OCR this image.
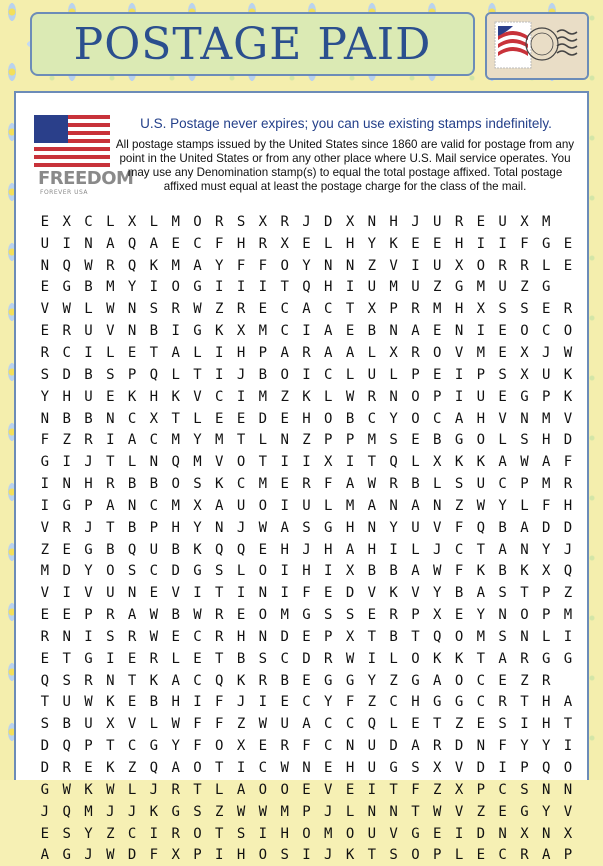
POSTAGE PAID
FREEDOM
FOREVER USA
U.S. Postage never expires; you can use existing stamps indefinitely.
All postage stamps issued by the United States since 1860 are valid for postage from any point in the United States or from any other place where U.S. Mail service operates. You may use any Denomination stamp(s) to equal the total postage affixed. Total postage affixed must equal at least the postage charge for the class of the mail.
E X C L X L M O R S X R J D X N H J U R E U X M
U I N A Q A E C F H R X E L H Y K E E H I I F G E
N Q W R Q K M A Y F F O Y N N Z V I U X O R R L E
E G B M Y I O G I I I T Q H I U M U Z G M U Z G
V W L W N S R W Z R E C A C T X P R M H X S S E R
E R U V N B I G K X M C I A E B N A E N I E O C O
R C I L E T A L I H P A R A A L X R O V M E X J W
S D B S P Q L T I J B O I C L U L P E I P S X U K
Y H U E K H K V C I M Z K L W R N O P I U E G P K
N B B N C X T L E E D E H O B C Y O C A H V N M V
F Z R I A C M Y M T L N Z P P M S E B G O L S H D
G I J T L N Q M V O T I I X I T Q L X K K A W A F
I N H R B B O S K C M E R F A W R B L S U C P M R
I G P A N C M X A U O I U L M A N A N Z W Y L F H
V R J T B P H Y N J W A S G H N Y U V F Q B A D D
Z E G B Q U B K Q Q E H J H A H I L J C T A N Y J
M D Y O S C D G S L O I H I X B B A W F K B K X Q
V I V U N E V I T I N I F E D V K V Y B A S T P Z
E E P R A W B W R E O M G S S E R P X E Y N O P M
R N I S R W E C R H N D E P X T B T Q O M S N L I
E T G I E R L E T B S C D R W I L O K K T A R G G
Q S R N T K A C Q K R B E G G Y Z G A O C E Z R
T U W K E B H I F J I E C Y F Z C H G G C R T H A
S B U X V L W F F Z W U A C C Q L E T Z E S I H T
D Q P T C G Y F O X E R F C N U D A R D N F Y Y I
D R E K Z Q A O T I C W N E H U G S X V D I P Q O
G W K W L J R T L A O O E V E I T F Z X P C S N N
J Q M J J K G S Z W W M P J L N N T W V Z E G Y V
E S Y Z C I R O T S I H O M O U V G E I D N X N X
A G J W D F X P I H O S I J K T S O P L E C R A P
